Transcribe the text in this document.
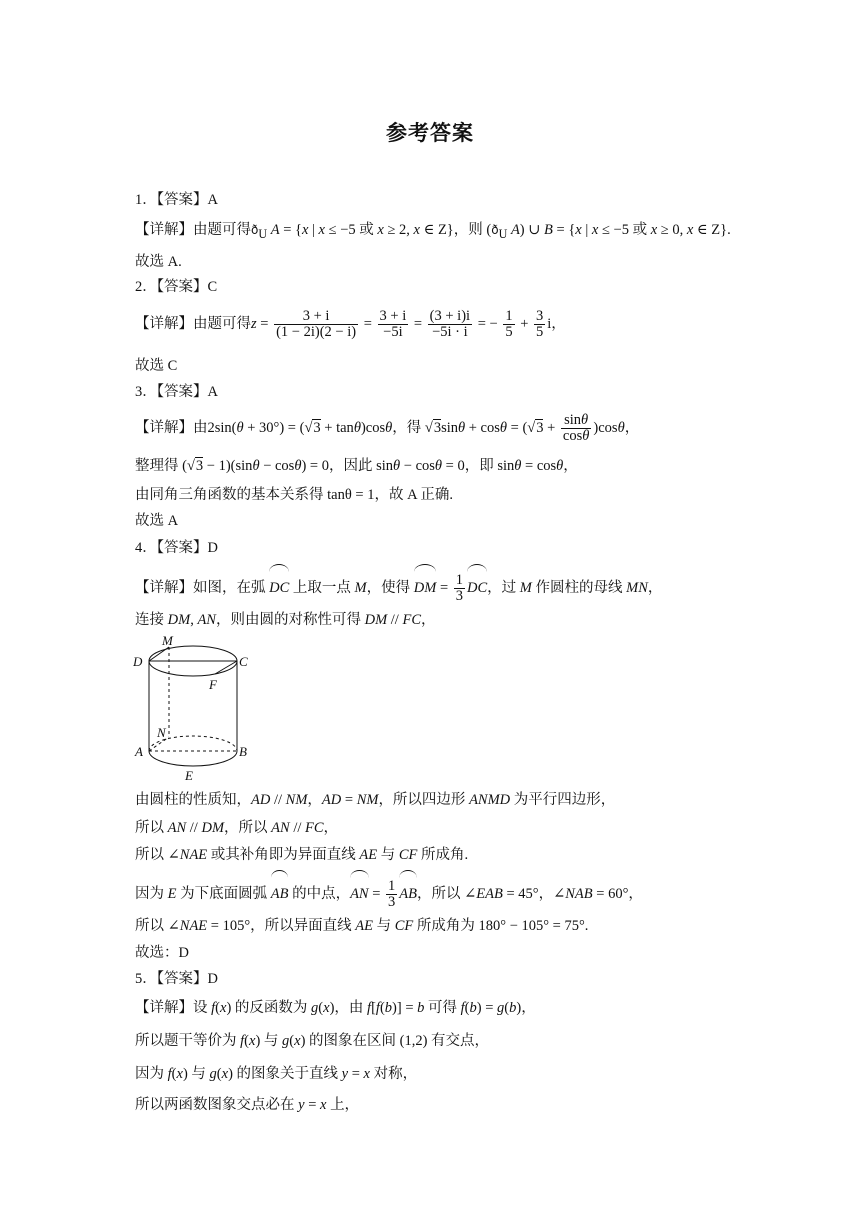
参考答案
1．【答案】A
【详解】由题可得$ð_U$ A = {x | x ≤ −5 或 x ≥ 2, x ∈ Z}，则 ($ð_U$ A) ∪ B = {x | x ≤ −5 或 x ≥ 0, x ∈ Z}.
故选 A.
2．【答案】C
【详解】由题可得$z = \frac{3 + i}{(1 - 2i)(2 - i)} = \frac{3 + i}{-5i} = \frac{(3 + i)i}{-5i \cdot i}$ = − $\frac{1}{5} + \frac{3}{5}$ i，
故选 C
3．【答案】A
【详解】由2sin(θ + 30°) = (√3 + tanθ)cosθ，得 $√3\sin\theta + \cos\theta = (√3 + \frac{\sin\theta}{\cos\theta} )\cos\theta$，
整理得 (√3 − 1)(sinθ − cosθ) = 0，因此 sinθ − cosθ = 0，即 sinθ = cosθ，
由同角三角函数的基本关系得 tanθ = 1，故 A 正确.
故选 A
4．【答案】D
【详解】如图，在弧 DC 上取一点 M，使得 DM = $\frac{1}{3}$ DC，过 M 作圆柱的母线 MN，
连接 DM, AN，则由圆的对称性可得 DM // FC，
M
D	C
F
N
A	B
E
由圆柱的性质知，AD // NM，AD = NM，所以四边形 ANMD 为平行四边形，
所以 AN // DM，所以 AN // FC，
所以 ∠NAE 或其补角即为异面直线 AE 与 CF 所成角.
因为 E 为下底面圆弧 AB 的中点，AN = $\frac{1}{3}$ AB，所以 ∠EAB = 45°，∠NAB = 60°，
所以 ∠NAE = 105°，所以异面直线 AE 与 CF 所成角为 180° − 105° = 75°.
故选：D
5．【答案】D
【详解】设 f(x) 的反函数为 g(x)，由 f[f(b)] = b 可得 f(b) = g(b)，
所以题干等价为 f(x) 与 g(x) 的图象在区间 (1,2) 有交点，
因为 f(x) 与 g(x) 的图象关于直线 y = x 对称，
所以两函数图象交点必在 y = x 上，
